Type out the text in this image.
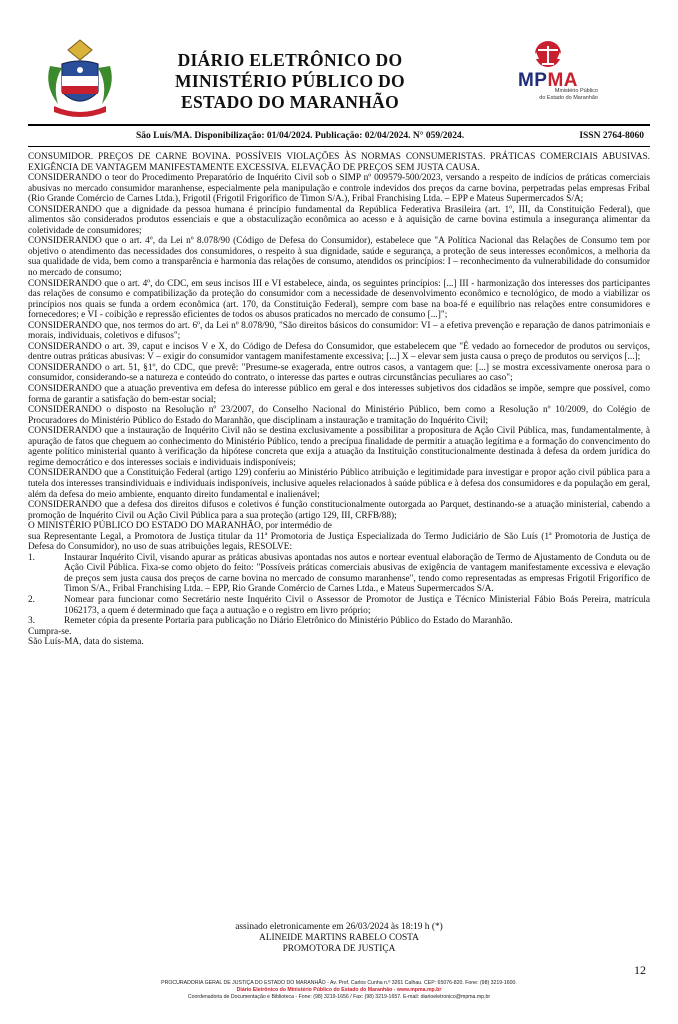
DIÁRIO ELETRÔNICO DO
MINISTÉRIO PÚBLICO DO
ESTADO DO MARANHÃO
MPMA
Ministério Público
do Estado do Maranhão
São Luís/MA. Disponibilização: 01/04/2024. Publicação: 02/04/2024. N° 059/2024.	ISSN 2764-8060

CONSUMIDOR. PREÇOS DE CARNE BOVINA. POSSÍVEIS VIOLAÇÕES ÀS NORMAS CONSUMERISTAS. PRÁTICAS COMERCIAIS ABUSIVAS. EXIGÊNCIA DE VANTAGEM MANIFESTAMENTE EXCESSIVA. ELEVAÇÃO DE PREÇOS SEM JUSTA CAUSA.

CONSIDERANDO o teor do Procedimento Preparatório de Inquérito Civil sob o SIMP nº 009579-500/2023, versando a respeito de indícios de práticas comerciais abusivas no mercado consumidor maranhense, especialmente pela manipulação e controle indevidos dos preços da carne bovina, perpetradas pelas empresas Fribal (Rio Grande Comércio de Carnes Ltda.), Frigotil (Frigotil Frigorífico de Timon S/A.), Fribal Franchising Ltda. – EPP e Mateus Supermercados S/A;

CONSIDERANDO que a dignidade da pessoa humana é princípio fundamental da República Federativa Brasileira (art. 1º, III, da Constituição Federal), que alimentos são considerados produtos essenciais e que a obstaculização econômica ao acesso e à aquisição de carne bovina estimula a insegurança alimentar da coletividade de consumidores;

CONSIDERANDO que o art. 4º, da Lei nº 8.078/90 (Código de Defesa do Consumidor), estabelece que "A Política Nacional das Relações de Consumo tem por objetivo o atendimento das necessidades dos consumidores, o respeito à sua dignidade, saúde e segurança, a proteção de seus interesses econômicos, a melhoria da sua qualidade de vida, bem como a transparência e harmonia das relações de consumo, atendidos os princípios: I – reconhecimento da vulnerabilidade do consumidor no mercado de consumo;

CONSIDERANDO que o art. 4º, do CDC, em seus incisos III e VI estabelece, ainda, os seguintes princípios: [...] III - harmonização dos interesses dos participantes das relações de consumo e compatibilização da proteção do consumidor com a necessidade de desenvolvimento econômico e tecnológico, de modo a viabilizar os princípios nos quais se funda a ordem econômica (art. 170, da Constituição Federal), sempre com base na boa-fé e equilíbrio nas relações entre consumidores e fornecedores; e VI - coibição e repressão eficientes de todos os abusos praticados no mercado de consumo [...]";

CONSIDERANDO que, nos termos do art. 6º, da Lei nº 8.078/90, "São direitos básicos do consumidor: VI – a efetiva prevenção e reparação de danos patrimoniais e morais, individuais, coletivos e difusos";

CONSIDERANDO o art. 39, caput e incisos V e X, do Código de Defesa do Consumidor, que estabelecem que "É vedado ao fornecedor de produtos ou serviços, dentre outras práticas abusivas: V – exigir do consumidor vantagem manifestamente excessiva; [...] X – elevar sem justa causa o preço de produtos ou serviços [...];

CONSIDERANDO o art. 51, §1º, do CDC, que prevê: "Presume-se exagerada, entre outros casos, a vantagem que: [...] se mostra excessivamente onerosa para o consumidor, considerando-se a natureza e conteúdo do contrato, o interesse das partes e outras circunstâncias peculiares ao caso";

CONSIDERANDO que a atuação preventiva em defesa do interesse público em geral e dos interesses subjetivos dos cidadãos se impõe, sempre que possível, como forma de garantir a satisfação do bem-estar social;

CONSIDERANDO o disposto na Resolução nº 23/2007, do Conselho Nacional do Ministério Público, bem como a Resolução nº 10/2009, do Colégio de Procuradores do Ministério Público do Estado do Maranhão, que disciplinam a instauração e tramitação do Inquérito Civil;

CONSIDERANDO que a instauração de Inquérito Civil não se destina exclusivamente a possibilitar a propositura de Ação Civil Pública, mas, fundamentalmente, à apuração de fatos que cheguem ao conhecimento do Ministério Público, tendo a precípua finalidade de permitir a atuação legítima e a formação do convencimento do agente político ministerial quanto à verificação da hipótese concreta que exija a atuação da Instituição constitucionalmente destinada à defesa da ordem jurídica do regime democrático e dos interesses sociais e individuais indisponíveis;

CONSIDERANDO que a Constituição Federal (artigo 129) conferiu ao Ministério Público atribuição e legitimidade para investigar e propor ação civil pública para a tutela dos interesses transindividuais e individuais indisponíveis, inclusive aqueles relacionados à saúde pública e à defesa dos consumidores e da população em geral, além da defesa do meio ambiente, enquanto direito fundamental e inalienável;

CONSIDERANDO que a defesa dos direitos difusos e coletivos é função constitucionalmente outorgada ao Parquet, destinando-se a atuação ministerial, cabendo a promoção de Inquérito Civil ou Ação Civil Pública para a sua proteção (artigo 129, III, CRFB/88);

O MINISTÉRIO PÚBLICO DO ESTADO DO MARANHÃO, por intermédio de

sua Representante Legal, a Promotora de Justiça titular da 11ª Promotoria de Justiça Especializada do Termo Judiciário de São Luís (1ª Promotoria de Justiça de Defesa do Consumidor), no uso de suas atribuições legais, RESOLVE:

1.	Instaurar Inquérito Civil, visando apurar as práticas abusivas apontadas nos autos e nortear eventual elaboração de Termo de Ajustamento de Conduta ou de Ação Civil Pública. Fixa-se como objeto do feito: "Possíveis práticas comerciais abusivas de exigência de vantagem manifestamente excessiva e elevação de preços sem justa causa dos preços de carne bovina no mercado de consumo maranhense", tendo como representadas as empresas Frigotil Frigorífico de Timon S/A., Fribal Franchising Ltda. – EPP, Rio Grande Comércio de Carnes Ltda., e Mateus Supermercados S/A.
2.	Nomear para funcionar como Secretário neste Inquérito Civil o Assessor de Promotor de Justiça e Técnico Ministerial Fábio Boás Pereira, matrícula 1062173, a quem é determinado que faça a autuação e o registro em livro próprio;
3.	Remeter cópia da presente Portaria para publicação no Diário Eletrônico do Ministério Público do Estado do Maranhão.

Cumpra-se.

São Luís-MA, data do sistema.

assinado eletronicamente em 26/03/2024 às 18:19 h (*)
ALINEIDE MARTINS RABELO COSTA
PROMOTORA DE JUSTIÇA
12
PROCURADORIA GERAL DE JUSTIÇA DO ESTADO DO MARANHÃO - Av. Prof. Carlos Cunha n.º 3261 Calhau. CEP: 65076-820. Fone: (98) 3219-1600.
Diário Eletrônico do Ministério Público do Estado do Maranhão - www.mpma.mp.br
Coordenadoria de Documentação e Biblioteca - Fone: (98) 3219-1656 / Fax: (98) 3219-1657. E-mail: diarioeletronico@mpma.mp.br
